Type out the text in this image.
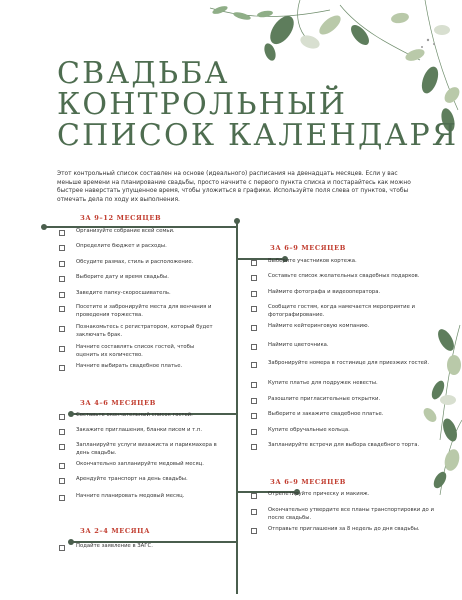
СВАДЬБА
КОНТРОЛЬНЫЙ
СПИСОК КАЛЕНДАРЯ

Этот контрольный список составлен на основе (идеального) расписания на двенадцать месяцев. Если у вас меньше времени на планирование свадьбы, просто начните с первого пункта списка и постарайтесь как можно быстрее наверстать упущенное время, чтобы уложиться в графики. Используйте поля слева от пунктов, чтобы отмечать дела по ходу их выполнения.

ЗА 9–12 МЕСЯЦЕВ
Организуйте собрание всей семьи.
Определите бюджет и расходы.
Обсудите размах, стиль и расположение.
Выберите дату и время свадьбы.
Заведите папку-скоросшиватель.
Посетите и забронируйте места для венчания и проведения торжества.
Познакомьтесь с регистратором, который будет заключать брак.
Начните составлять список гостей, чтобы оценить их количество.
Начните выбирать свадебное платье.
ЗА 4–6 МЕСЯЦЕВ
Составьте окончательный список гостей.
Закажите приглашения, бланки писем и т.п.
Запланируйте услуги визажиста и парикмахера в день свадьбы.
Окончательно запланируйте медовый месяц.
Арендуйте транспорт на день свадьбы.
Начните планировать медовый месяц.
ЗА 2–4 МЕСЯЦА
Подайте заявление в ЗАГС.
ЗА 6–9 МЕСЯЦЕВ
Выберите участников кортежа.
Составьте список желательных свадебных подарков.
Наймите фотографа и видеооператора.
Сообщите гостям, когда намечается мероприятие и фотографирование.
Наймите кейтеринговую компанию.
Наймите цветочника.
Забронируйте номера в гостинице для приезжих гостей.
Купите платье для подружек невесты.
Разошлите пригласительные открытки.
Выберите и закажите свадебное платье.
Купите обручальные кольца.
Запланируйте встречи для выбора свадебного торта.
ЗА 6–9 МЕСЯЦЕВ
Отрепетируйте прическу и макияж.
Окончательно утвердите все планы транспортировки до и после свадьбы.
Отправьте приглашения за 8 недель до дня свадьбы.
